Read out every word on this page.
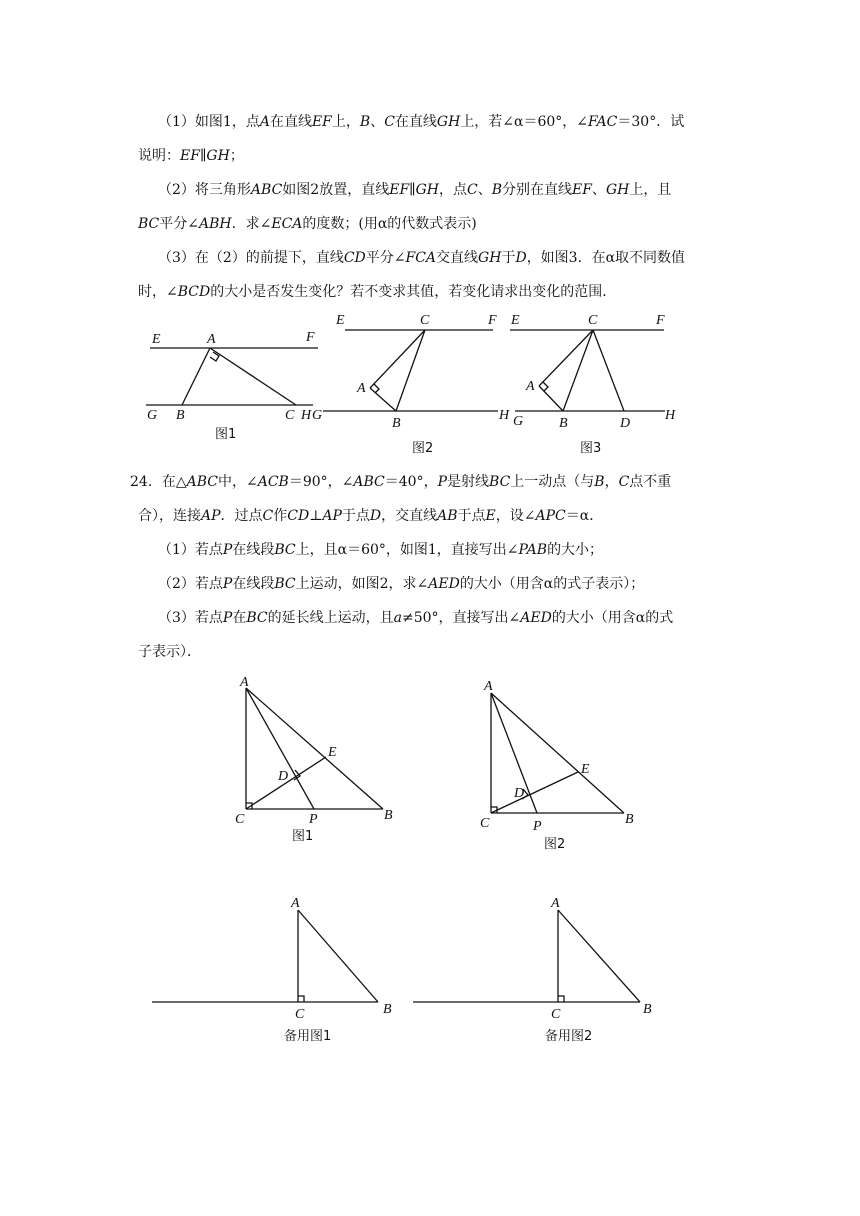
（1）如图1，点A在直线EF上，B、C在直线GH上，若∠α＝60°，∠FAC＝30°．试
说明：EF∥GH；
（2）将三角形ABC如图2放置，直线EF∥GH，点C、B分别在直线EF、GH上，且
BC平分∠ABH．求∠ECA的度数；(用α的代数式表示)
（3）在（2）的前提下，直线CD平分∠FCA交直线GH于D，如图3．在α取不同数值
时，∠BCD的大小是否发生变化？若不变求其值，若变化请求出变化的范围．
24．在△ABC中，∠ACB＝90°，∠ABC＝40°，P是射线BC上一动点（与B，C点不重
合），连接AP．过点C作CD⊥AP于点D，交直线AB于点E，设∠APC＝α．
（1）若点P在线段BC上，且α＝60°，如图1，直接写出∠PAB的大小；
（2）若点P在线段BC上运动，如图2，求∠AED的大小（用含α的式子表示）；
（3）若点P在BC的延长线上运动，且a≠50°，直接写出∠AED的大小（用含α的式
子表示）．
E	A	F
G B	C H
图1
E	C	F
A
G
B
H
图2
E	C	F
A
G	B	D
H
图3
A
E
D
C	P	B
图1
A
E
D
C	P	B
图2
A
C	B
备用图1
A
C	B
备用图2
